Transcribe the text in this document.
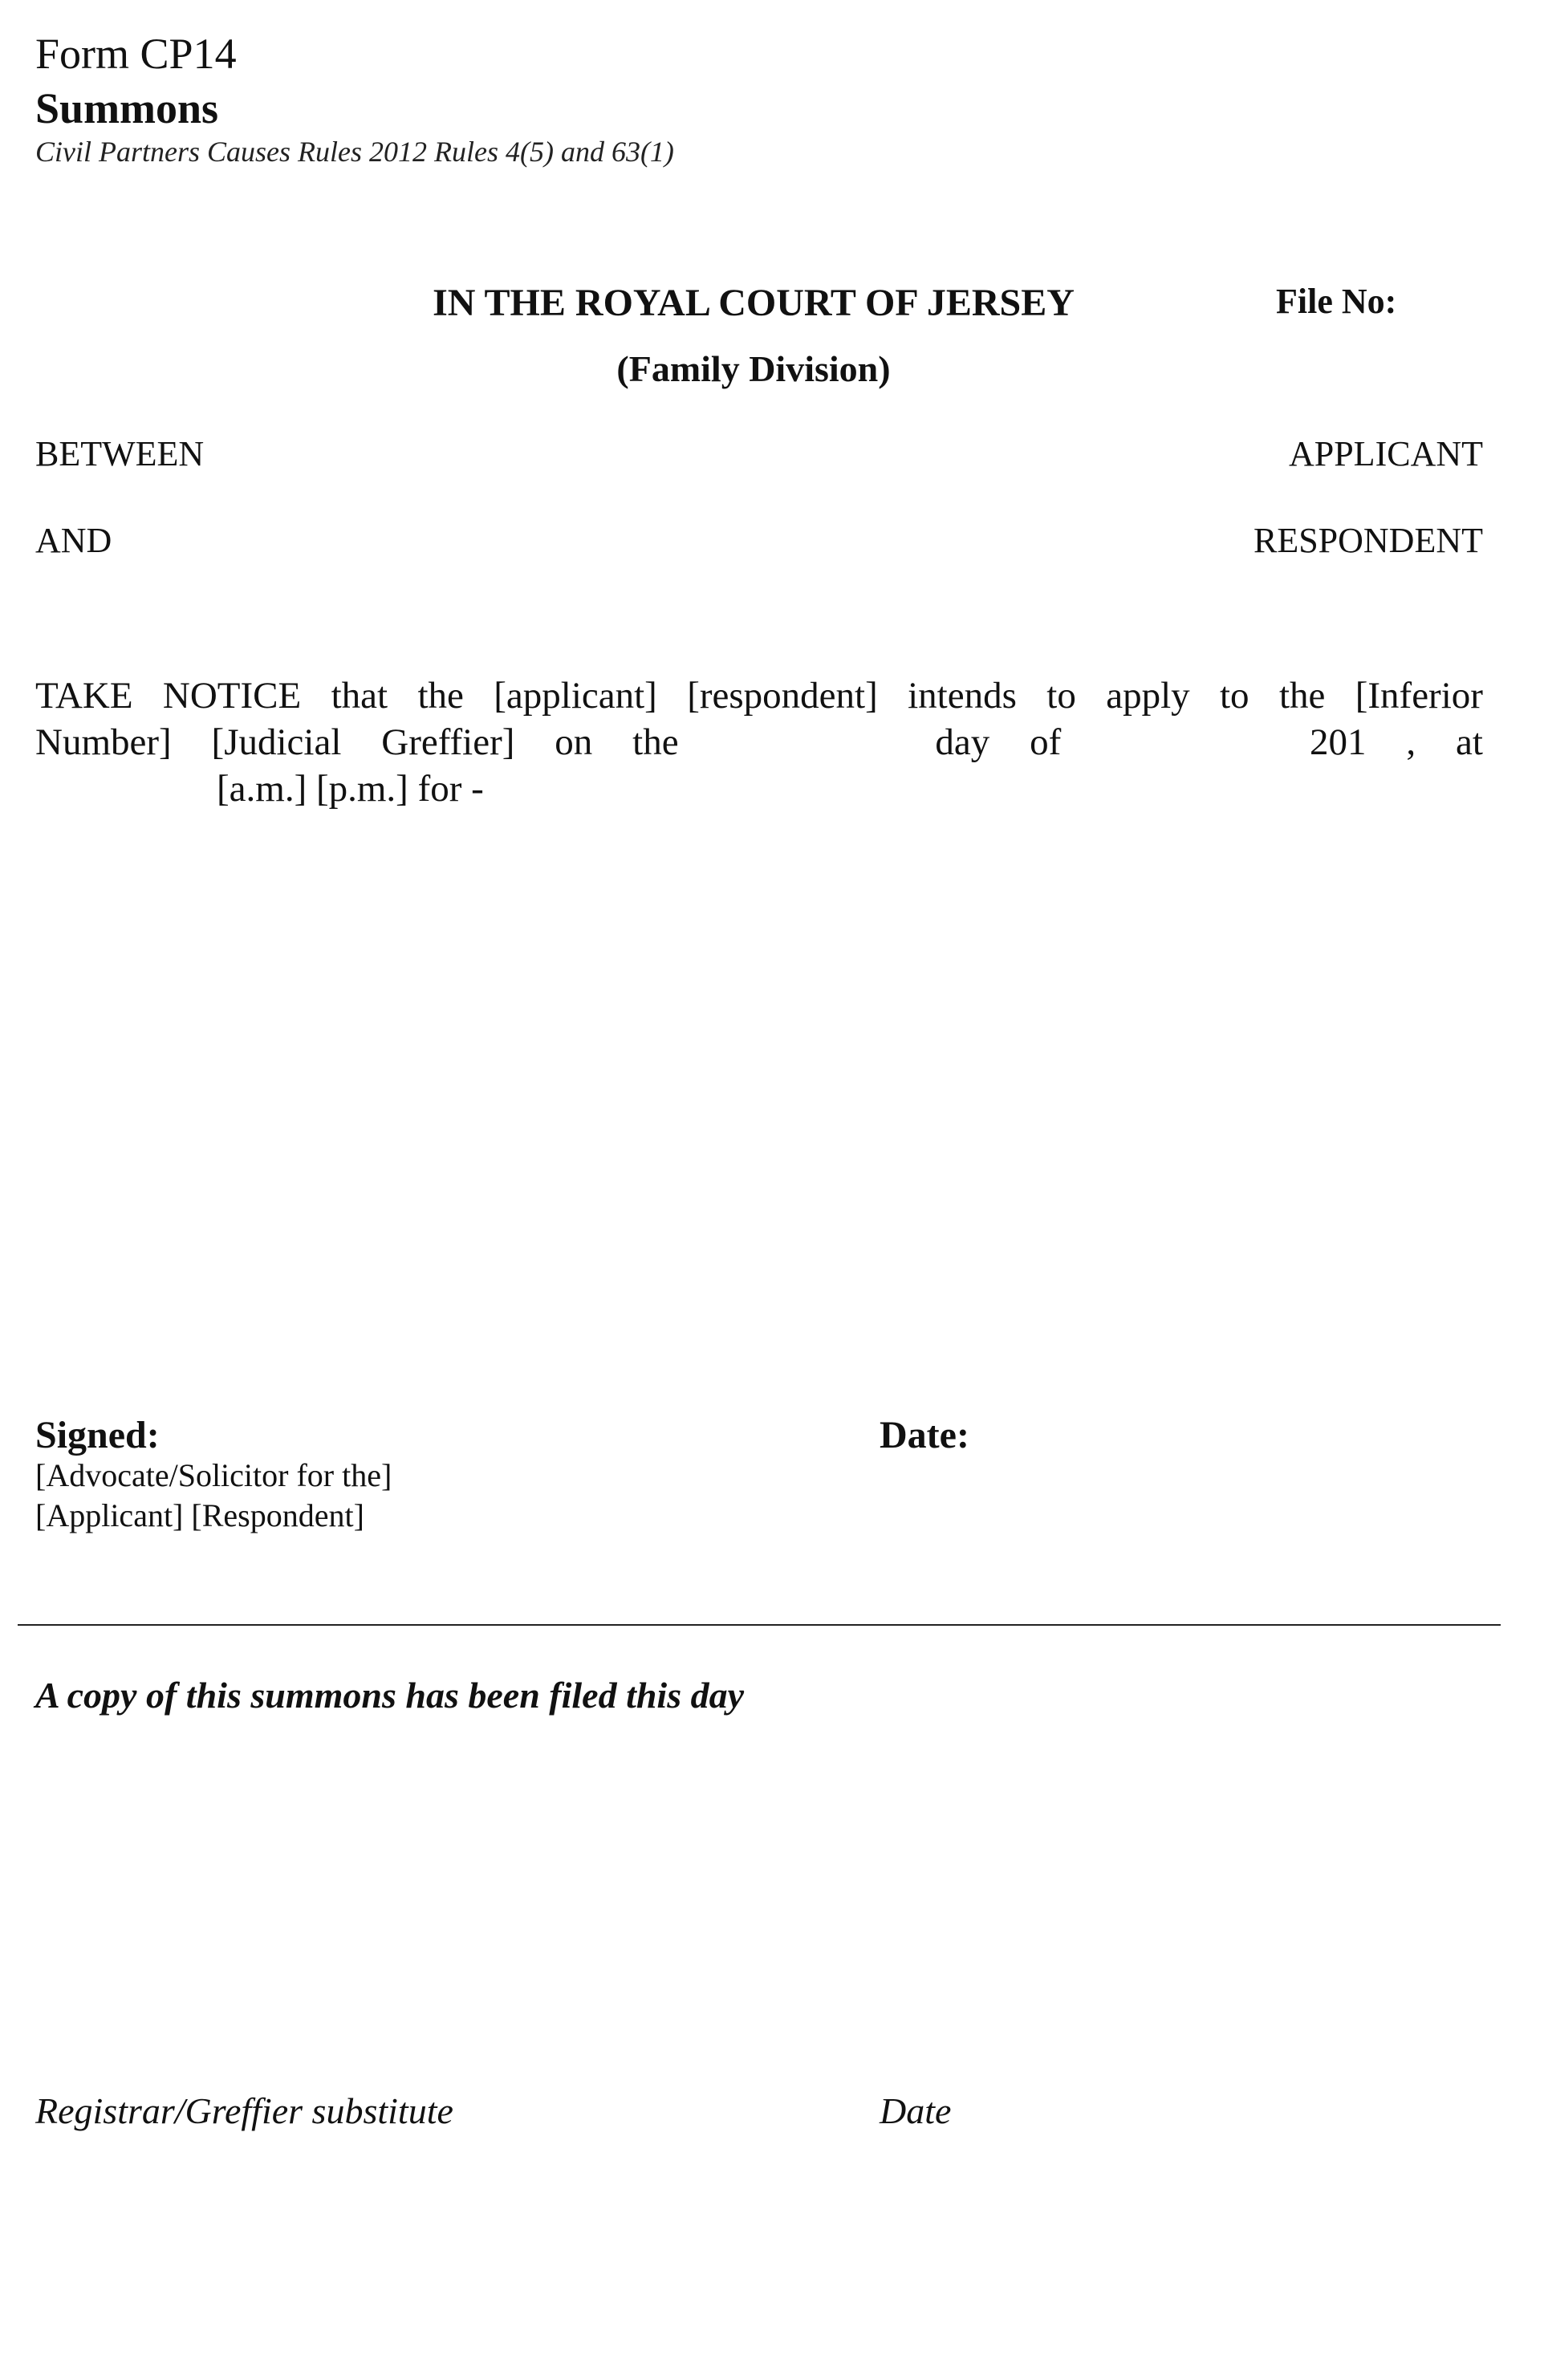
Form CP14
Summons
Civil Partners Causes Rules 2012 Rules 4(5) and 63(1)
IN THE ROYAL COURT OF JERSEY	File No:
(Family Division)
BETWEEN	APPLICANT
AND	RESPONDENT
TAKE NOTICE that the [applicant] [respondent] intends to apply to the [Inferior
Number] [Judicial Greffier] on the	day of	201 , at
[a.m.] [p.m.] for -
Signed:
[Advocate/Solicitor for the]
[Applicant] [Respondent]
Date:
A copy of this summons has been filed this day
Registrar/Greffier substitute	Date
